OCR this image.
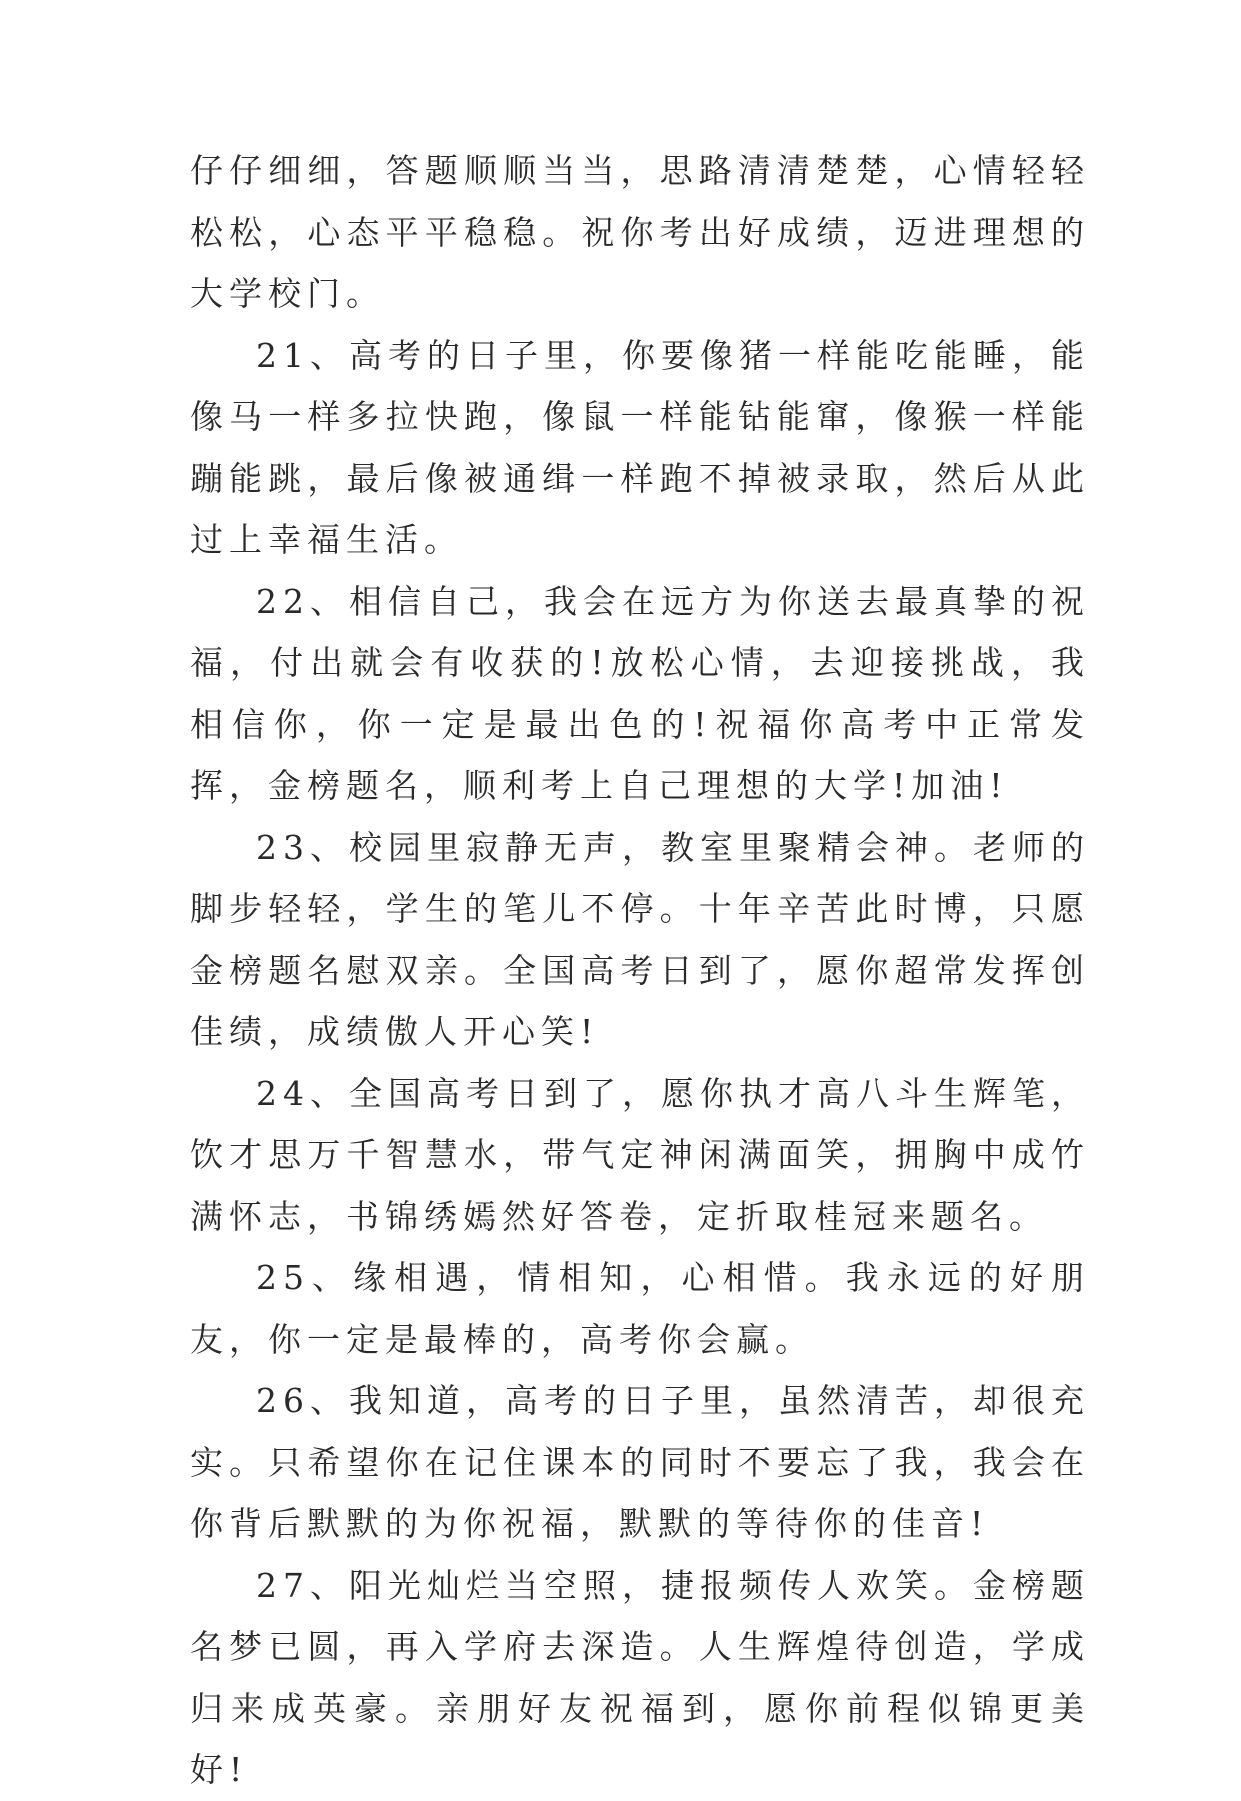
仔仔细细，答题顺顺当当，思路清清楚楚，心情轻轻松松，心态平平稳稳。祝你考出好成绩，迈进理想的大学校门。

21、高考的日子里，你要像猪一样能吃能睡，能像马一样多拉快跑，像鼠一样能钻能窜，像猴一样能蹦能跳，最后像被通缉一样跑不掉被录取，然后从此过上幸福生活。

22、相信自己，我会在远方为你送去最真挚的祝福，付出就会有收获的!放松心情，去迎接挑战，我相信你，你一定是最出色的!祝福你高考中正常发挥，金榜题名，顺利考上自己理想的大学!加油!

23、校园里寂静无声，教室里聚精会神。老师的脚步轻轻，学生的笔儿不停。十年辛苦此时博，只愿金榜题名慰双亲。全国高考日到了，愿你超常发挥创佳绩，成绩傲人开心笑!

24、全国高考日到了，愿你执才高八斗生辉笔，饮才思万千智慧水，带气定神闲满面笑，拥胸中成竹满怀志，书锦绣嫣然好答卷，定折取桂冠来题名。

25、缘相遇，情相知，心相惜。我永远的好朋友，你一定是最棒的，高考你会赢。

26、我知道，高考的日子里，虽然清苦，却很充实。只希望你在记住课本的同时不要忘了我，我会在你背后默默的为你祝福，默默的等待你的佳音!

27、阳光灿烂当空照，捷报频传人欢笑。金榜题名梦已圆，再入学府去深造。人生辉煌待创造，学成归来成英豪。亲朋好友祝福到，愿你前程似锦更美好!
